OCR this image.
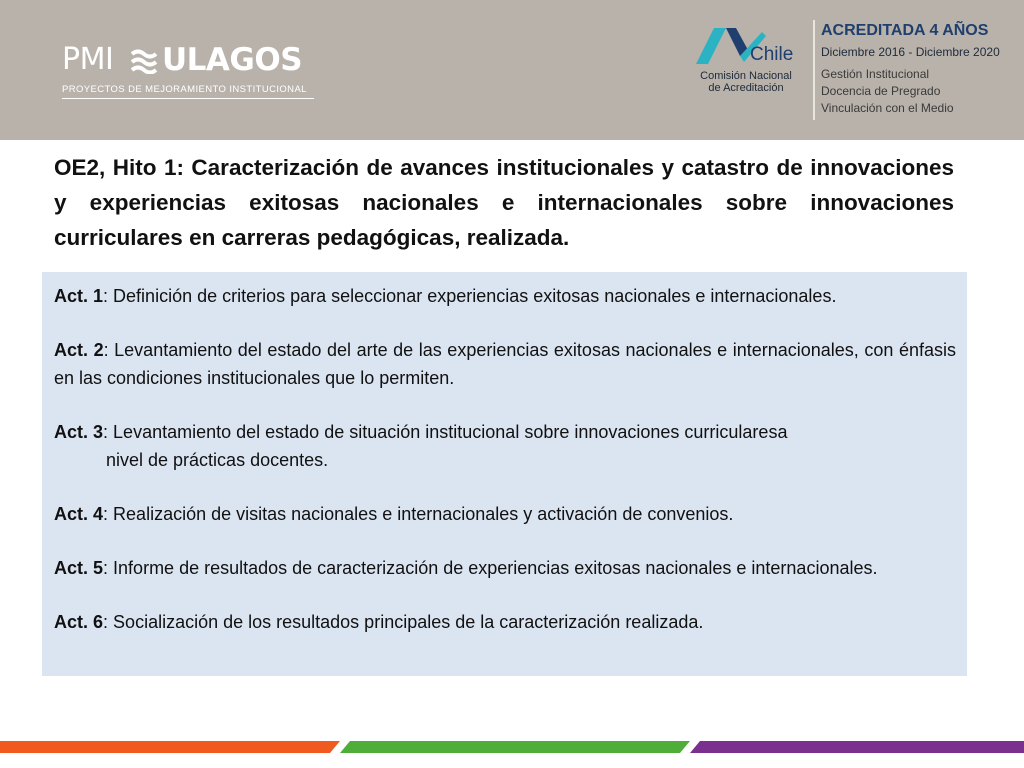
PMI ULAGOS
PROYECTOS DE MEJORAMIENTO INSTITUCIONAL
Chile
Comisión Nacional
de Acreditación
ACREDITADA 4 AÑOS
Diciembre 2016 - Diciembre 2020
Gestión Institucional
Docencia de Pregrado
Vinculación con el Medio
OE2, Hito 1: Caracterización de avances institucionales y catastro de innovaciones y experiencias exitosas nacionales e internacionales sobre innovaciones curriculares en carreras pedagógicas, realizada.
Act. 1: Definición de criterios para seleccionar experiencias exitosas nacionales e internacionales.
Act. 2: Levantamiento del estado del arte de las experiencias exitosas nacionales e internacionales, con énfasis en las condiciones institucionales que lo permiten.
Act. 3: Levantamiento del estado de situación institucional sobre innovaciones curricularesa
nivel de prácticas docentes.
Act. 4: Realización de visitas nacionales e internacionales y activación de convenios.
Act. 5: Informe de resultados de caracterización de experiencias exitosas nacionales e internacionales.
Act. 6: Socialización de los resultados principales de la caracterización realizada.
